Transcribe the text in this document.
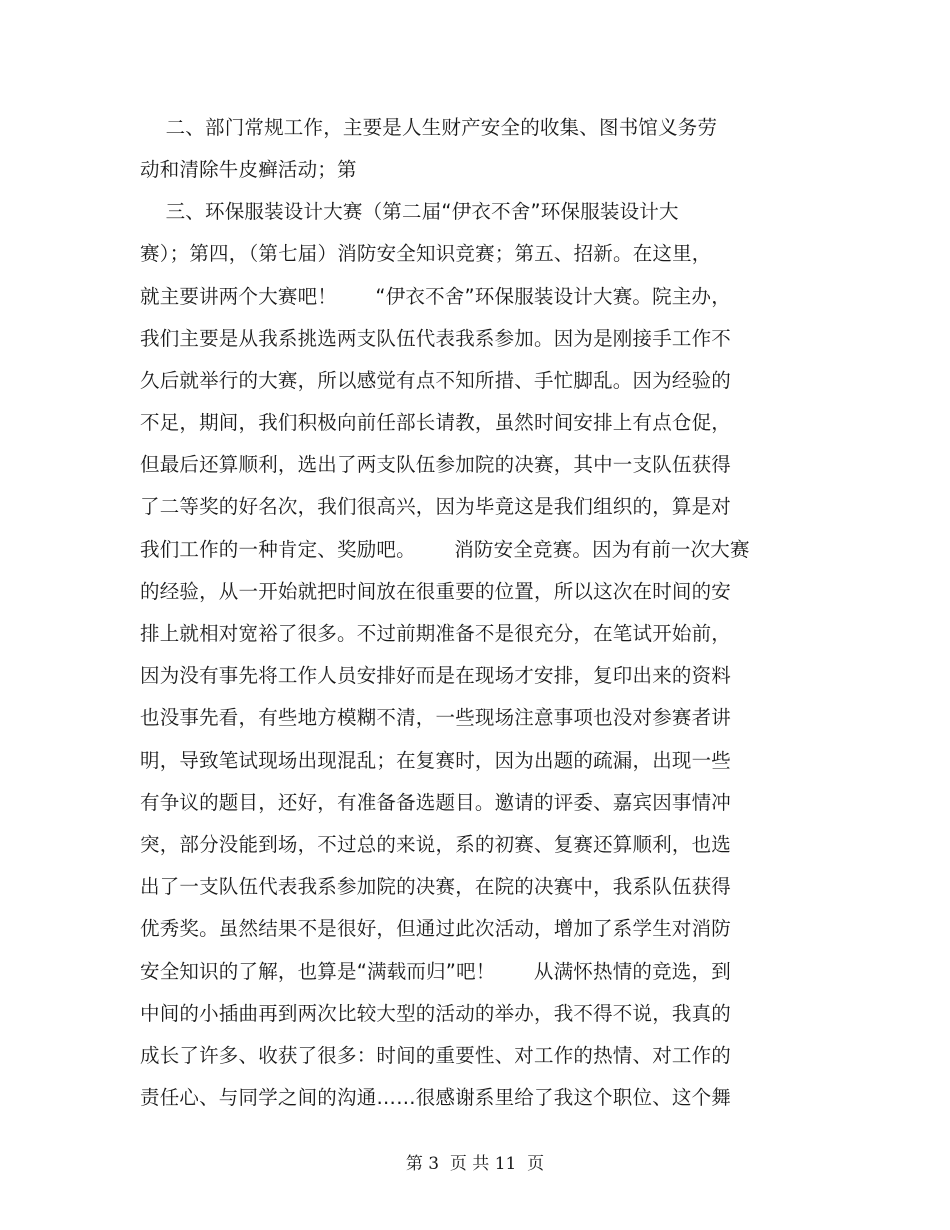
二、部门常规工作，主要是人生财产安全的收集、图书馆义务劳
动和清除牛皮癣活动；第
三、环保服装设计大赛（第二届“伊衣不舍”环保服装设计大
赛）；第四，（第七届）消防安全知识竞赛；第五、招新。在这里，
就主要讲两个大赛吧！      “伊衣不舍”环保服装设计大赛。院主办，
我们主要是从我系挑选两支队伍代表我系参加。因为是刚接手工作不
久后就举行的大赛，所以感觉有点不知所措、手忙脚乱。因为经验的
不足，期间，我们积极向前任部长请教，虽然时间安排上有点仓促，
但最后还算顺利，选出了两支队伍参加院的决赛，其中一支队伍获得
了二等奖的好名次，我们很高兴，因为毕竟这是我们组织的，算是对
我们工作的一种肯定、奖励吧。      消防安全竞赛。因为有前一次大赛
的经验，从一开始就把时间放在很重要的位置，所以这次在时间的安
排上就相对宽裕了很多。不过前期准备不是很充分，在笔试开始前，
因为没有事先将工作人员安排好而是在现场才安排，复印出来的资料
也没事先看，有些地方模糊不清，一些现场注意事项也没对参赛者讲
明，导致笔试现场出现混乱；在复赛时，因为出题的疏漏，出现一些
有争议的题目，还好，有准备备选题目。邀请的评委、嘉宾因事情冲
突，部分没能到场，不过总的来说，系的初赛、复赛还算顺利，也选
出了一支队伍代表我系参加院的决赛，在院的决赛中，我系队伍获得
优秀奖。虽然结果不是很好，但通过此次活动，增加了系学生对消防
安全知识的了解，也算是“满载而归”吧！      从满怀热情的竞选，到
中间的小插曲再到两次比较大型的活动的举办，我不得不说，我真的
成长了许多、收获了很多：时间的重要性、对工作的热情、对工作的
责任心、与同学之间的沟通……很感谢系里给了我这个职位、这个舞
第 3  页 共 11  页
